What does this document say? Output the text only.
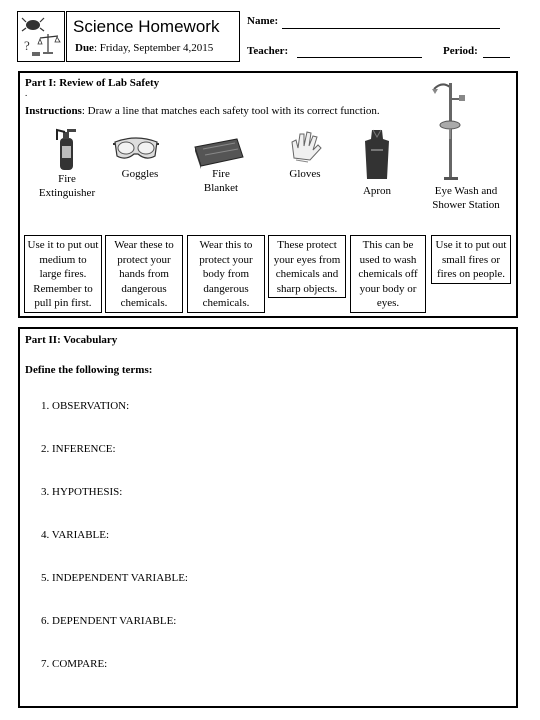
?
Science Homework
Due: Friday, September 4,2015
Name:
Teacher:	Period:
Part I: Review of Lab Safety
.
Instructions: Draw a line that matches each safety tool with its correct function.
Fire
Extinguisher
Goggles	Fire
Blanket
Gloves
Apron	Eye Wash and
Shower Station
Use it to put out
medium to
large fires.
Remember to
pull pin first.
Wear these to
protect your
hands from
dangerous
chemicals.
Wear this to
protect your
body from
dangerous
chemicals.
These protect
your eyes from
chemicals and
sharp objects.
This can be
used to wash
chemicals off
your body or
eyes.
Use it to put out
small fires or
fires on people.
Part II: Vocabulary
Define the following terms:
1. OBSERVATION:
2. INFERENCE:
3. HYPOTHESIS:
4. VARIABLE:
5. INDEPENDENT VARIABLE:
6. DEPENDENT VARIABLE:
7. COMPARE:
